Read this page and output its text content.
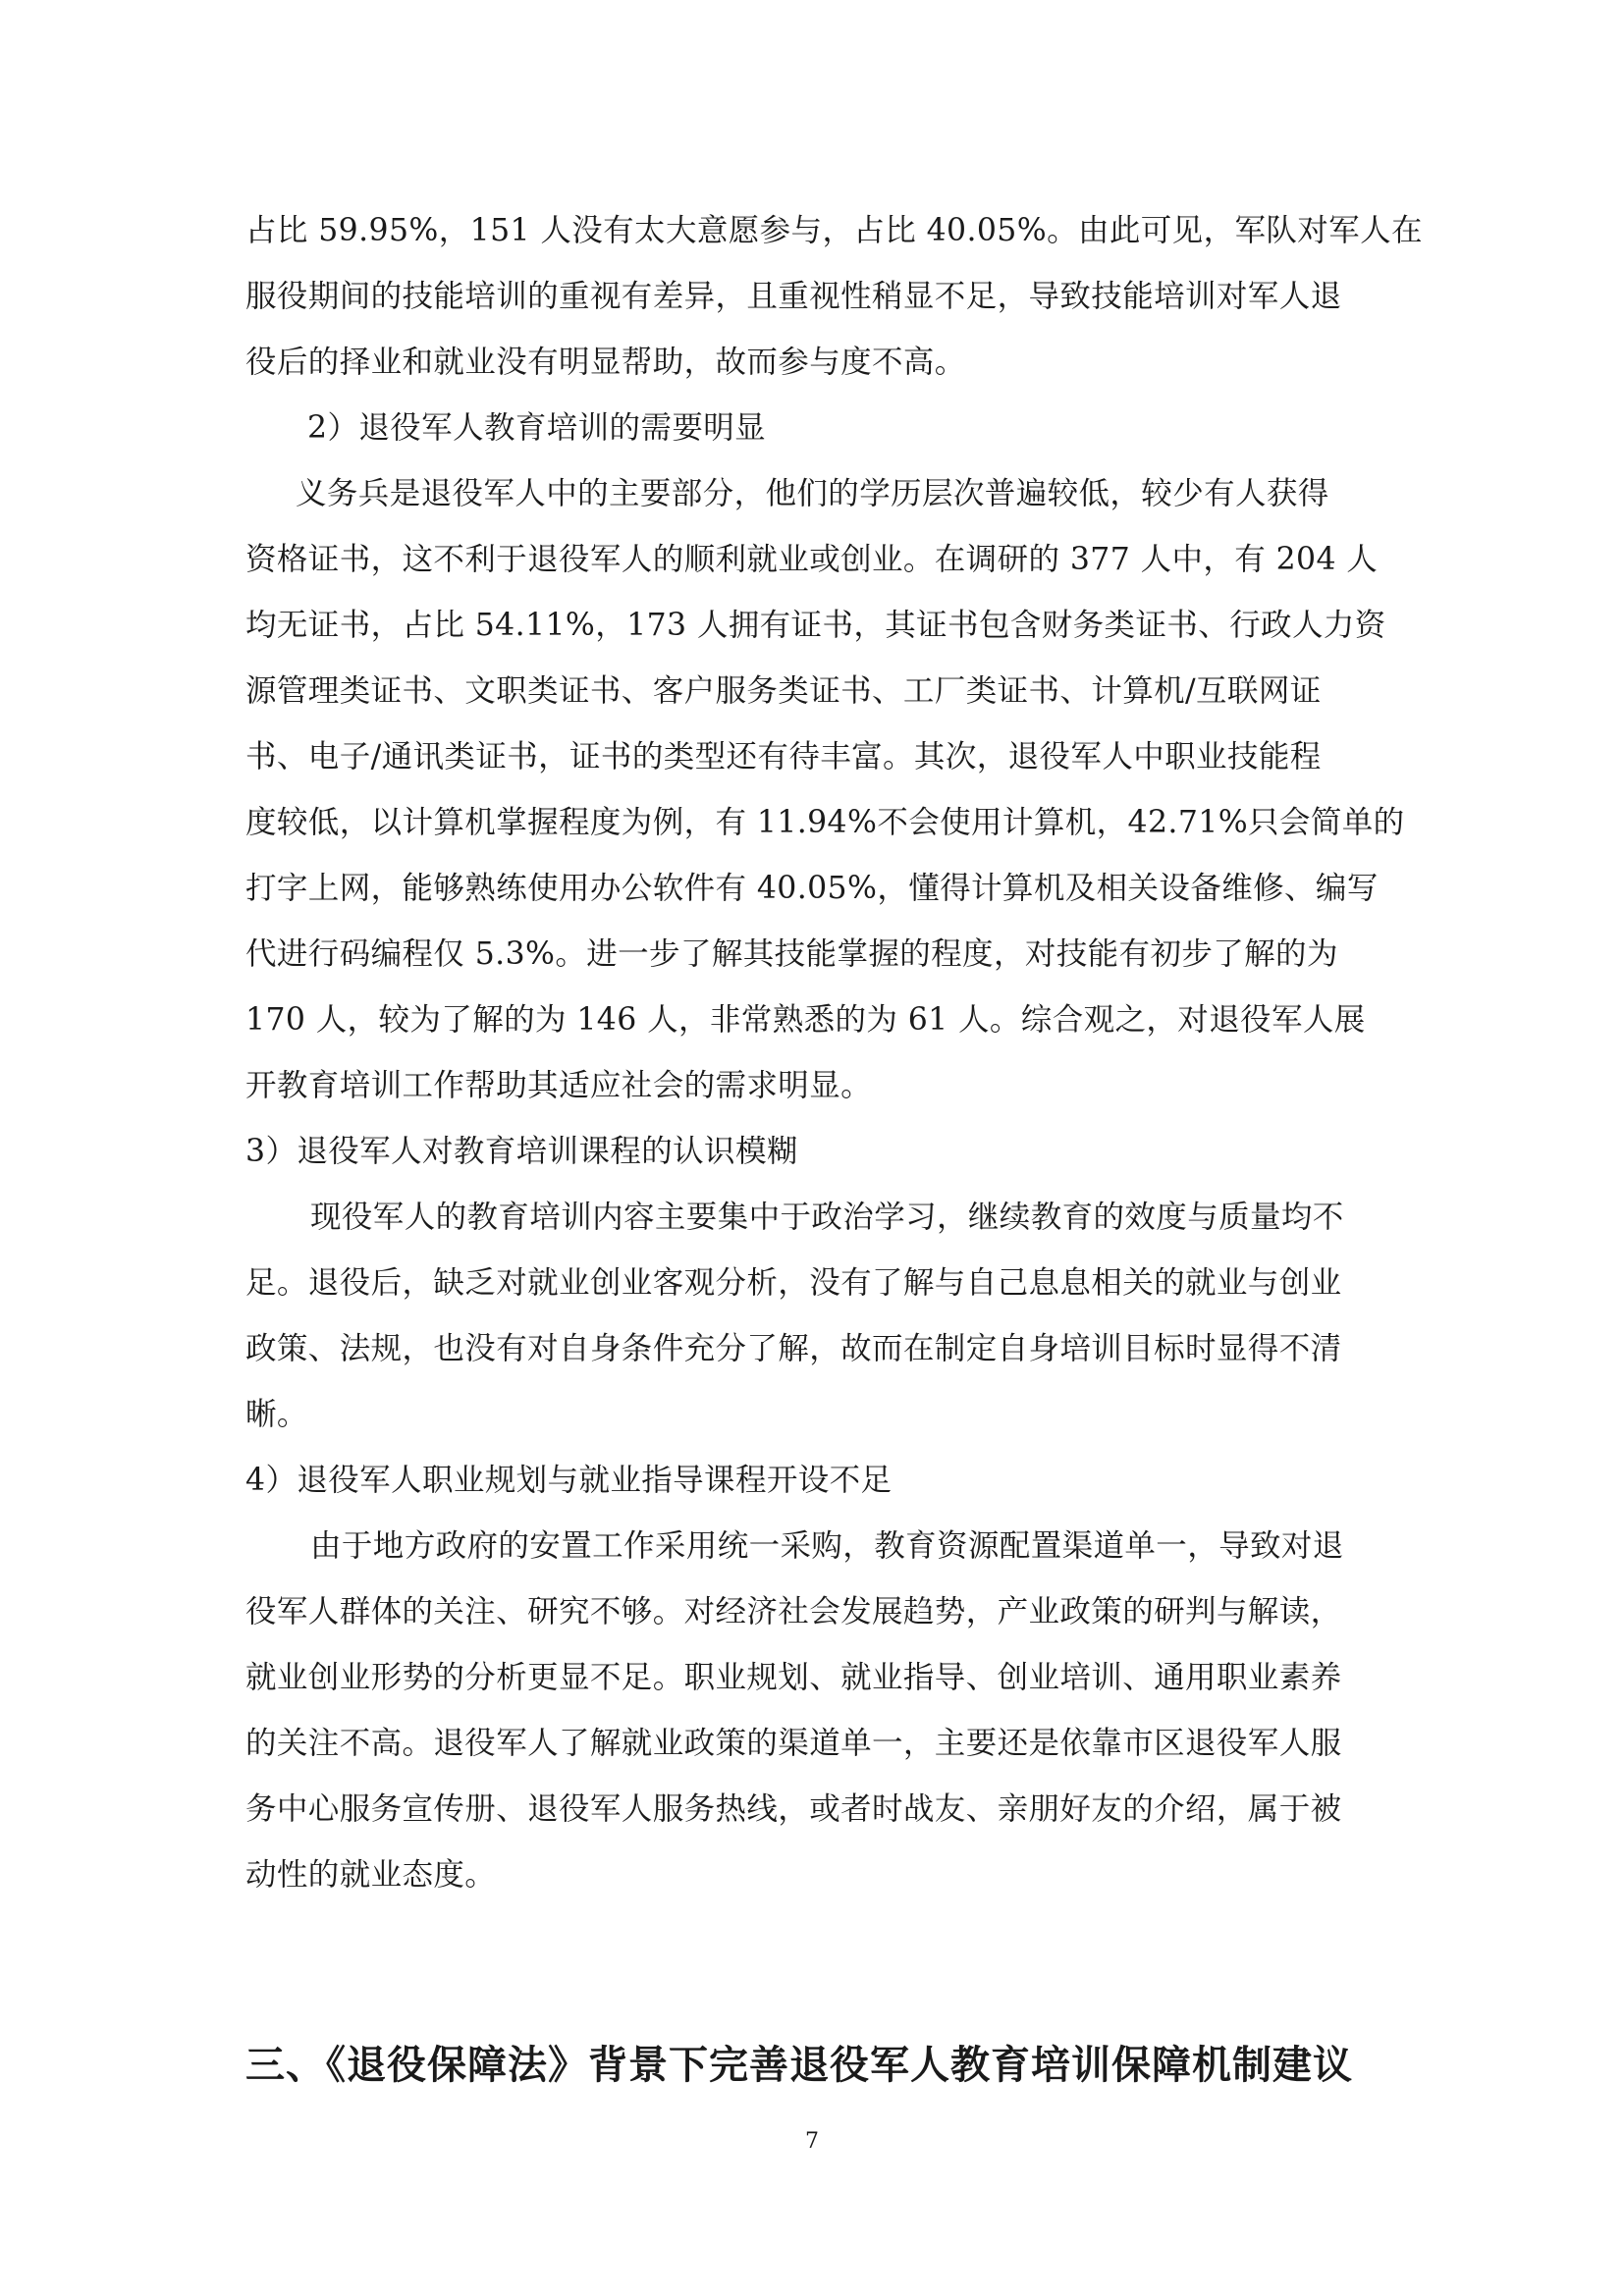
占比 59.95%，151 人没有太大意愿参与，占比 40.05%。由此可见，军队对军人在
服役期间的技能培训的重视有差异，且重视性稍显不足，导致技能培训对军人退
役后的择业和就业没有明显帮助，故而参与度不高。
2）退役军人教育培训的需要明显
义务兵是退役军人中的主要部分，他们的学历层次普遍较低，较少有人获得
资格证书，这不利于退役军人的顺利就业或创业。在调研的 377 人中，有 204 人
均无证书，占比 54.11%，173 人拥有证书，其证书包含财务类证书、行政人力资
源管理类证书、文职类证书、客户服务类证书、工厂类证书、计算机/互联网证
书、电子/通讯类证书，证书的类型还有待丰富。其次，退役军人中职业技能程
度较低，以计算机掌握程度为例，有 11.94%不会使用计算机，42.71%只会简单的
打字上网，能够熟练使用办公软件有 40.05%，懂得计算机及相关设备维修、编写
代进行码编程仅 5.3%。进一步了解其技能掌握的程度，对技能有初步了解的为
170 人，较为了解的为 146 人，非常熟悉的为 61 人。综合观之，对退役军人展
开教育培训工作帮助其适应社会的需求明显。
3）退役军人对教育培训课程的认识模糊
现役军人的教育培训内容主要集中于政治学习，继续教育的效度与质量均不
足。退役后，缺乏对就业创业客观分析，没有了解与自己息息相关的就业与创业
政策、法规，也没有对自身条件充分了解，故而在制定自身培训目标时显得不清
晰。
4）退役军人职业规划与就业指导课程开设不足
由于地方政府的安置工作采用统一采购，教育资源配置渠道单一，导致对退
役军人群体的关注、研究不够。对经济社会发展趋势，产业政策的研判与解读，
就业创业形势的分析更显不足。职业规划、就业指导、创业培训、通用职业素养
的关注不高。退役军人了解就业政策的渠道单一，主要还是依靠市区退役军人服
务中心服务宣传册、退役军人服务热线，或者时战友、亲朋好友的介绍，属于被
动性的就业态度。
三、《退役保障法》背景下完善退役军人教育培训保障机制建议
7
